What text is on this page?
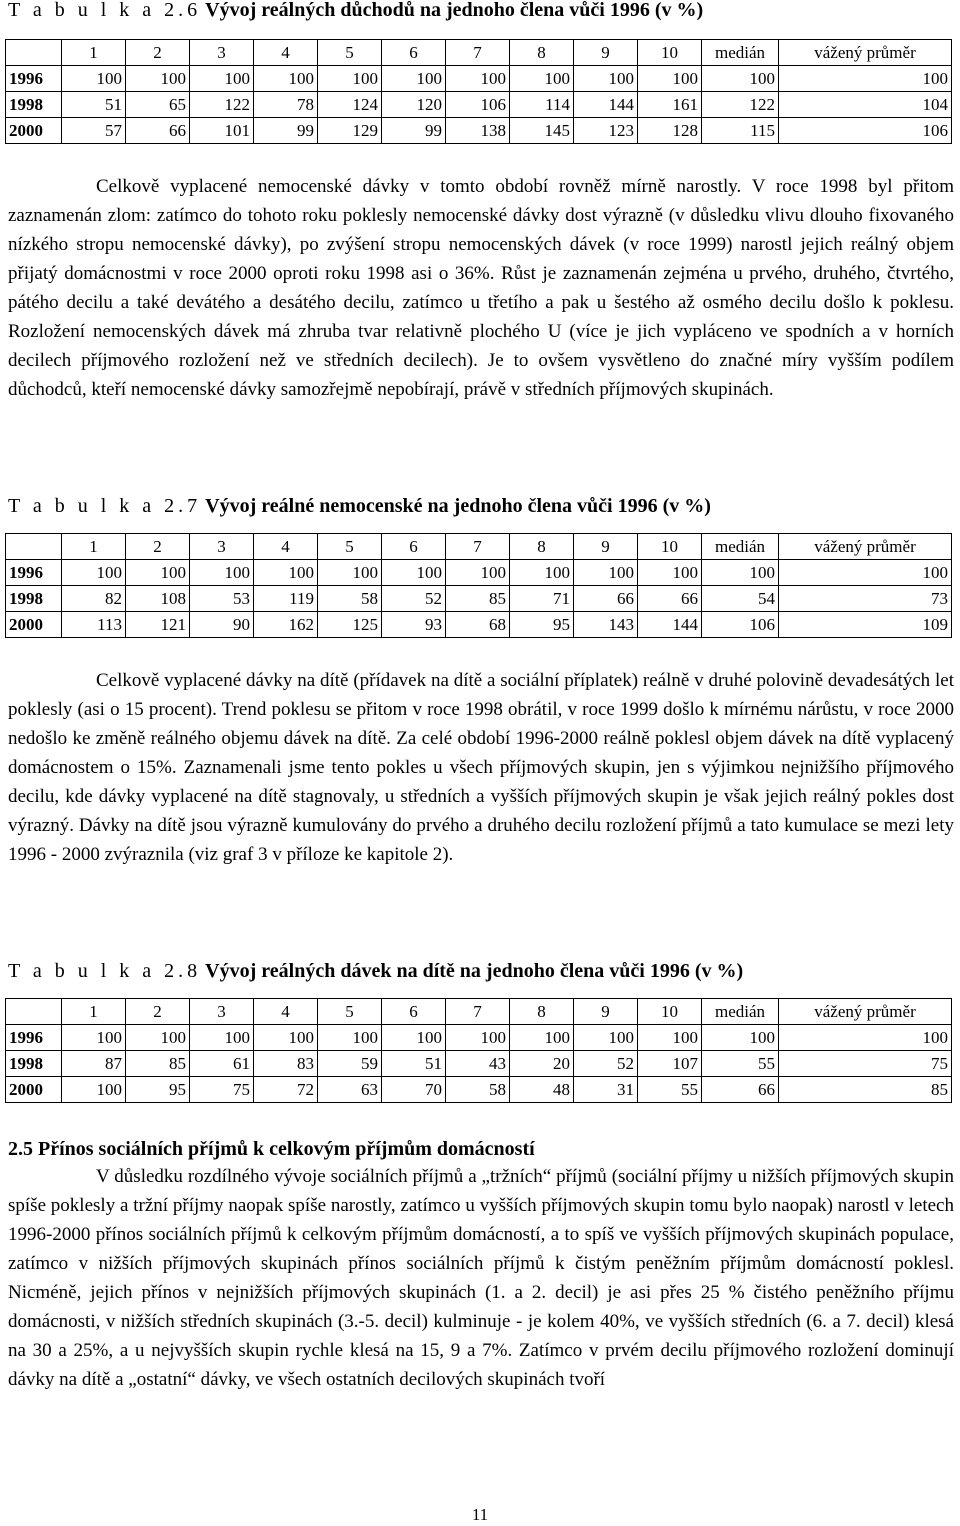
T a b u l k a 2.6 Vývoj reálných důchodů na jednoho člena vůči 1996 (v %)
	1	2	3	4	5	6	7	8	9	10	medián	vážený průměr
1996	100	100	100	100	100	100	100	100	100	100	100	100
1998	51	65	122	78	124	120	106	114	144	161	122	104
2000	57	66	101	99	129	99	138	145	123	128	115	106

Celkově vyplacené nemocenské dávky v tomto období rovněž mírně narostly. V roce 1998 byl přitom zaznamenán zlom: zatímco do tohoto roku poklesly nemocenské dávky dost výrazně (v důsledku vlivu dlouho fixovaného nízkého stropu nemocenské dávky), po zvýšení stropu nemocenských dávek (v roce 1999) narostl jejich reálný objem přijatý domácnostmi v roce 2000 oproti roku 1998 asi o 36%. Růst je zaznamenán zejména u prvého, druhého, čtvrtého, pátého decilu a také devátého a desátého decilu, zatímco u třetího a pak u šestého až osmého decilu došlo k poklesu. Rozložení nemocenských dávek má zhruba tvar relativně plochého U (více je jich vypláceno ve spodních a v horních decilech příjmového rozložení než ve středních decilech). Je to ovšem vysvětleno do značné míry vyšším podílem důchodců, kteří nemocenské dávky samozřejmě nepobírají, právě v středních příjmových skupinách.

T a b u l k a 2.7 Vývoj reálné nemocenské na jednoho člena vůči 1996 (v %)
	1	2	3	4	5	6	7	8	9	10	medián	vážený průměr
1996	100	100	100	100	100	100	100	100	100	100	100	100
1998	82	108	53	119	58	52	85	71	66	66	54	73
2000	113	121	90	162	125	93	68	95	143	144	106	109

Celkově vyplacené dávky na dítě (přídavek na dítě a sociální příplatek) reálně v druhé polovině devadesátých let poklesly (asi o 15 procent). Trend poklesu se přitom v roce 1998 obrátil, v roce 1999 došlo k mírnému nárůstu, v roce 2000 nedošlo ke změně reálného objemu dávek na dítě. Za celé období 1996-2000 reálně poklesl objem dávek na dítě vyplacený domácnostem o 15%. Zaznamenali jsme tento pokles u všech příjmových skupin, jen s výjimkou nejnižšího příjmového decilu, kde dávky vyplacené na dítě stagnovaly, u středních a vyšších příjmových skupin je však jejich reálný pokles dost výrazný. Dávky na dítě jsou výrazně kumulovány do prvého a druhého decilu rozložení příjmů a tato kumulace se mezi lety 1996 - 2000 zvýraznila (viz graf 3 v příloze ke kapitole 2).

T a b u l k a 2.8 Vývoj reálných dávek na dítě na jednoho člena vůči 1996 (v %)
	1	2	3	4	5	6	7	8	9	10	medián	vážený průměr
1996	100	100	100	100	100	100	100	100	100	100	100	100
1998	87	85	61	83	59	51	43	20	52	107	55	75
2000	100	95	75	72	63	70	58	48	31	55	66	85
2.5 Přínos sociálních příjmů k celkovým příjmům domácností

V důsledku rozdílného vývoje sociálních příjmů a „tržních“ příjmů (sociální příjmy u nižších příjmových skupin spíše poklesly a tržní příjmy naopak spíše narostly, zatímco u vyšších příjmových skupin tomu bylo naopak) narostl v letech 1996-2000 přínos sociálních příjmů k celkovým příjmům domácností, a to spíš ve vyšších příjmových skupinách populace, zatímco v nižších příjmových skupinách přínos sociálních příjmů k čistým peněžním příjmům domácností poklesl. Nicméně, jejich přínos v nejnižších příjmových skupinách (1. a 2. decil) je asi přes 25 % čistého peněžního příjmu domácnosti, v nižších středních skupinách (3.-5. decil) kulminuje - je kolem 40%, ve vyšších středních (6. a 7. decil) klesá na 30 a 25%, a u nejvyšších skupin rychle klesá na 15, 9 a 7%. Zatímco v prvém decilu příjmového rozložení dominují dávky na dítě a „ostatní“ dávky, ve všech ostatních decilových skupinách tvoří

11
